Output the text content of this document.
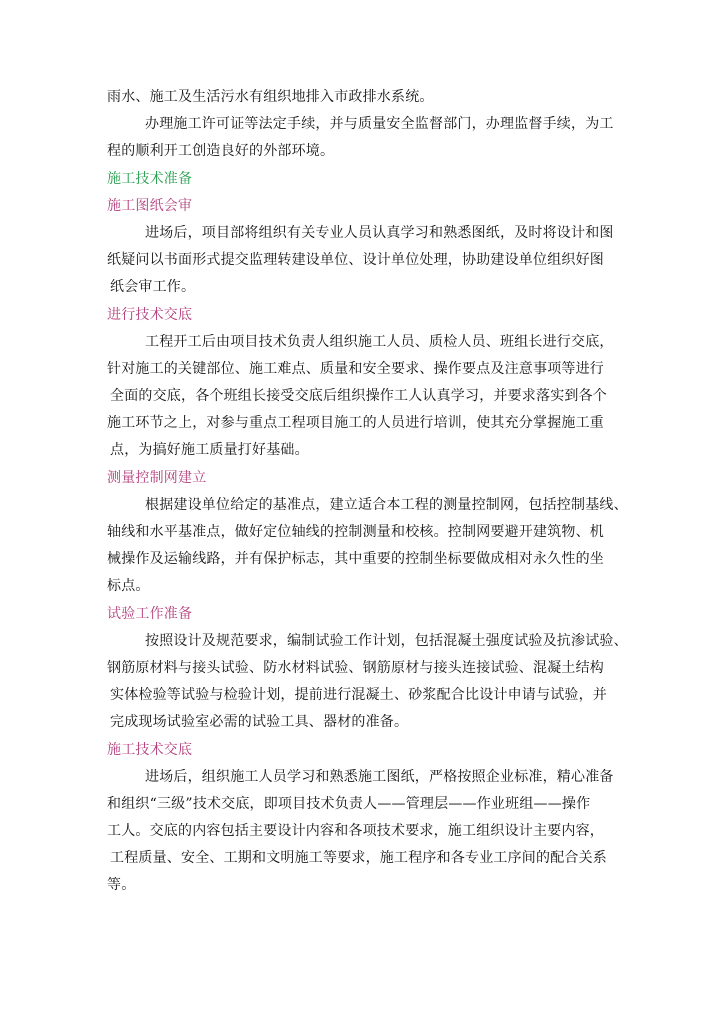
雨水、施工及生活污水有组织地排入市政排水系统。
办理施工许可证等法定手续，并与质量安全监督部门，办理监督手续，为工
程的顺利开工创造良好的外部环境。
施工技术准备
施工图纸会审
进场后，项目部将组织有关专业人员认真学习和熟悉图纸，及时将设计和图
纸疑问以书面形式提交监理转建设单位、设计单位处理，协助建设单位组织好图
纸会审工作。
进行技术交底
工程开工后由项目技术负责人组织施工人员、质检人员、班组长进行交底，
针对施工的关键部位、施工难点、质量和安全要求、操作要点及注意事项等进行
全面的交底，各个班组长接受交底后组织操作工人认真学习，并要求落实到各个
施工环节之上，对参与重点工程项目施工的人员进行培训，使其充分掌握施工重
点，为搞好施工质量打好基础。
测量控制网建立
根据建设单位给定的基准点，建立适合本工程的测量控制网，包括控制基线、
轴线和水平基准点，做好定位轴线的控制测量和校核。控制网要避开建筑物、机
械操作及运输线路，并有保护标志，其中重要的控制坐标要做成相对永久性的坐
标点。
试验工作准备
按照设计及规范要求，编制试验工作计划，包括混凝土强度试验及抗渗试验、
钢筋原材料与接头试验、防水材料试验、钢筋原材与接头连接试验、混凝土结构
实体检验等试验与检验计划，提前进行混凝土、砂浆配合比设计申请与试验，并
完成现场试验室必需的试验工具、器材的准备。
施工技术交底
进场后，组织施工人员学习和熟悉施工图纸，严格按照企业标准，精心准备
和组织“三级”技术交底，即项目技术负责人——管理层——作业班组——操作
工人。交底的内容包括主要设计内容和各项技术要求，施工组织设计主要内容，
工程质量、安全、工期和文明施工等要求，施工程序和各专业工序间的配合关系
等。
